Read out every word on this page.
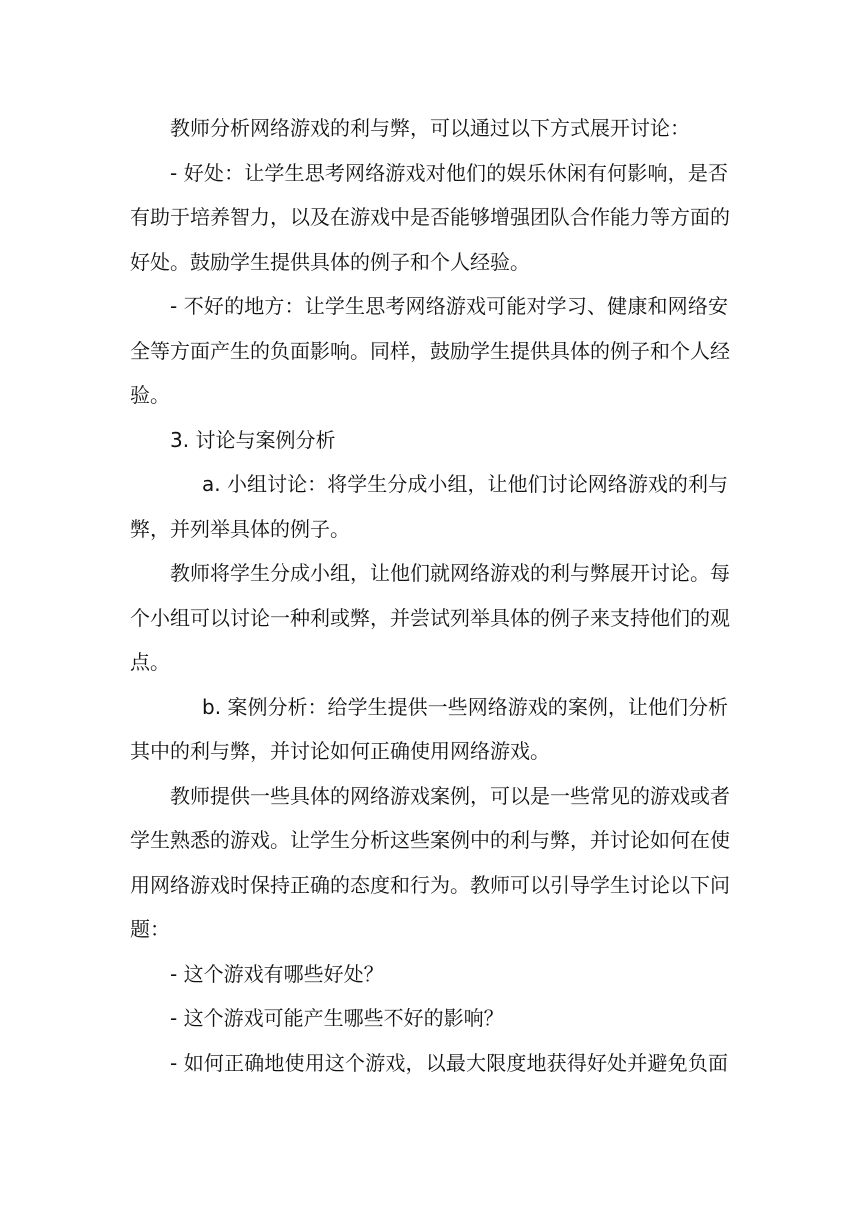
教师分析网络游戏的利与弊，可以通过以下方式展开讨论：
- 好处：让学生思考网络游戏对他们的娱乐休闲有何影响，是否
有助于培养智力，以及在游戏中是否能够增强团队合作能力等方面的
好处。鼓励学生提供具体的例子和个人经验。
- 不好的地方：让学生思考网络游戏可能对学习、健康和网络安
全等方面产生的负面影响。同样，鼓励学生提供具体的例子和个人经
验。
3. 讨论与案例分析
a. 小组讨论：将学生分成小组，让他们讨论网络游戏的利与
弊，并列举具体的例子。
教师将学生分成小组，让他们就网络游戏的利与弊展开讨论。每
个小组可以讨论一种利或弊，并尝试列举具体的例子来支持他们的观
点。
b. 案例分析：给学生提供一些网络游戏的案例，让他们分析
其中的利与弊，并讨论如何正确使用网络游戏。
教师提供一些具体的网络游戏案例，可以是一些常见的游戏或者
学生熟悉的游戏。让学生分析这些案例中的利与弊，并讨论如何在使
用网络游戏时保持正确的态度和行为。教师可以引导学生讨论以下问
题：
- 这个游戏有哪些好处？
- 这个游戏可能产生哪些不好的影响？
- 如何正确地使用这个游戏，以最大限度地获得好处并避免负面
